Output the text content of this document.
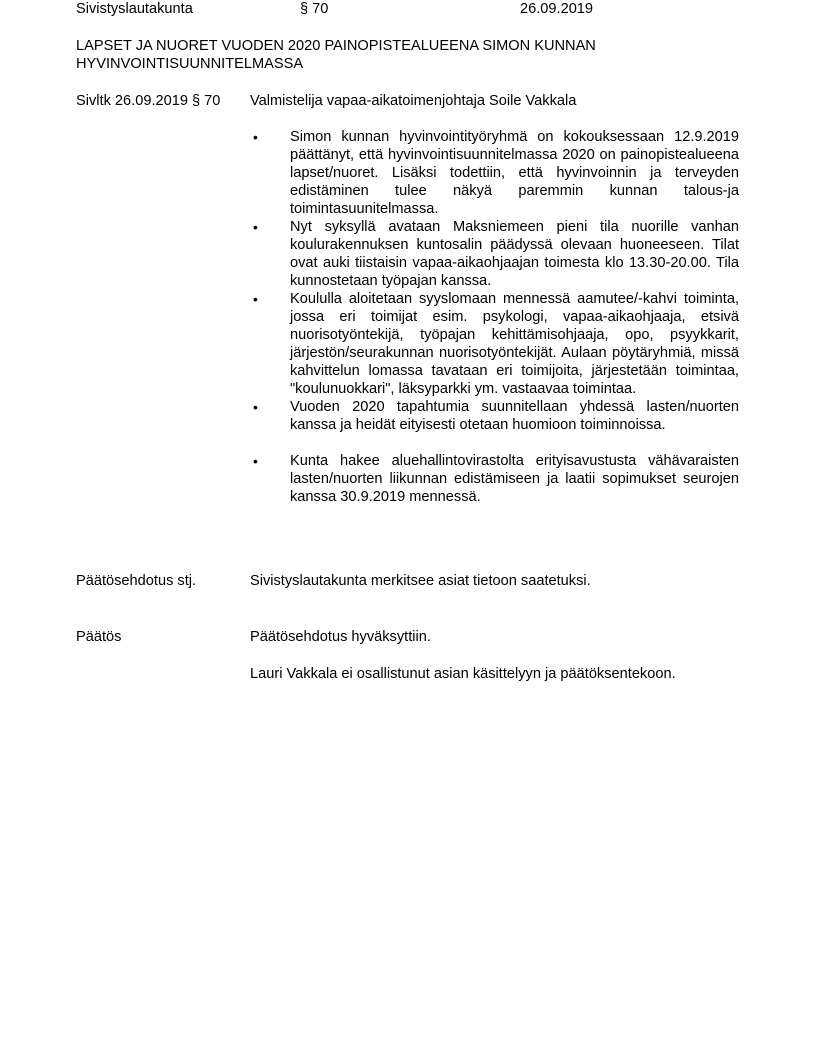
Sivistyslautakunta	§ 70	26.09.2019
LAPSET JA NUORET VUODEN 2020 PAINOPISTEALUEENA SIMON KUNNAN
HYVINVOINTISUUNNITELMASSA
Sivltk 26.09.2019 § 70 Valmistelija vapaa-aikatoimenjohtaja Soile Vakkala
• Simon kunnan hyvinvointityöryhmä on kokouksessaan 12.9.2019 päättänyt, että hyvinvointisuunnitelmassa 2020 on painopistealueena lapset/nuoret. Lisäksi todettiin, että hyvinvoinnin ja terveyden edistäminen tulee näkyä paremmin kunnan talous-ja toimintasuunitelmassa.
• Nyt syksyllä avataan Maksniemeen pieni tila nuorille vanhan koulurakennuksen kuntosalin päädyssä olevaan huoneeseen. Tilat ovat auki tiistaisin vapaa-aikaohjaajan toimesta klo 13.30-20.00. Tila kunnostetaan työpajan kanssa.
• Koululla aloitetaan syyslomaan mennessä aamutee/-kahvi toiminta, jossa eri toimijat esim. psykologi, vapaa-aikaohjaaja, etsivä nuorisotyöntekijä, työpajan kehittämisohjaaja, opo, psyykkarit, järjestön/seurakunnan nuorisotyöntekijät. Aulaan pöytäryhmiä, missä kahvittelun lomassa tavataan eri toimijoita, järjestetään toimintaa, "koulunuokkari", läksyparkki ym. vastaavaa toimintaa.
• Vuoden 2020 tapahtumia suunnitellaan yhdessä lasten/nuorten kanssa ja heidät eityisesti otetaan huomioon toiminnoissa.
• Kunta hakee aluehallintovirastolta erityisavustusta vähävaraisten lasten/nuorten liikunnan edistämiseen ja laatii sopimukset seurojen kanssa 30.9.2019 mennessä.
Päätösehdotus stj.	Sivistyslautakunta merkitsee asiat tietoon saatetuksi.
Päätös	Päätösehdotus hyväksyttiin.
Lauri Vakkala ei osallistunut asian käsittelyyn ja päätöksentekoon.
